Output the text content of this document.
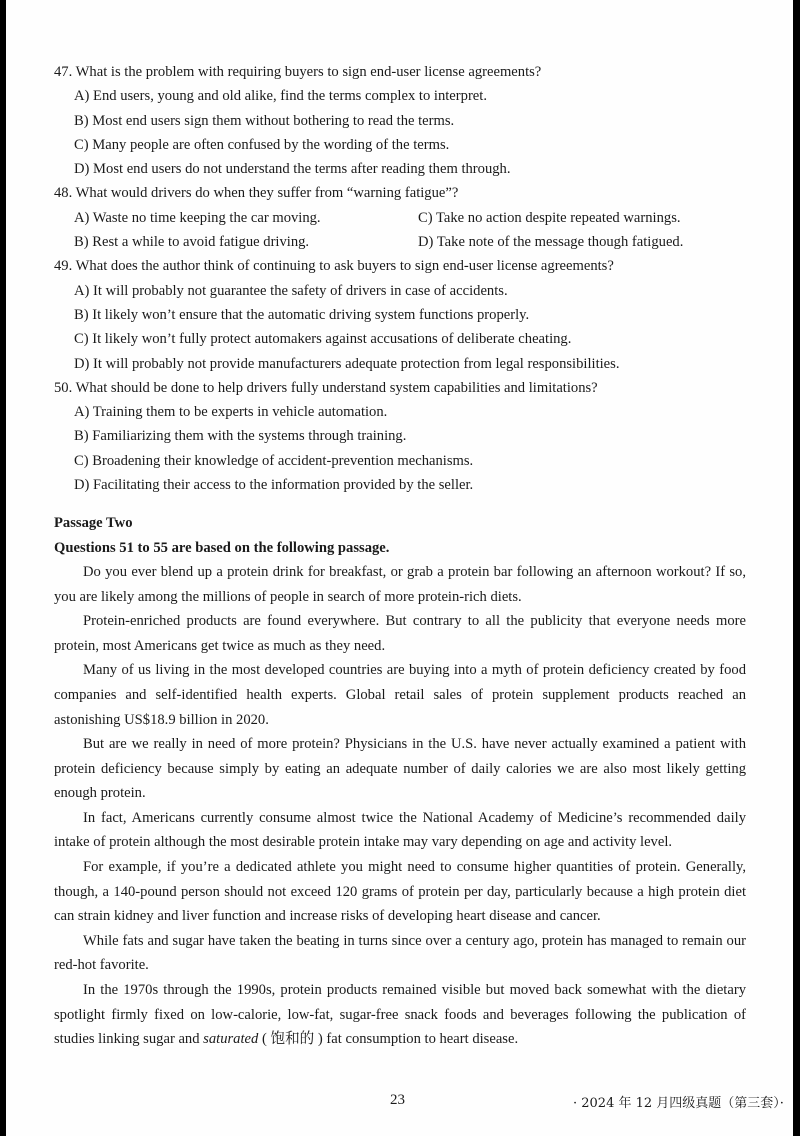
47. What is the problem with requiring buyers to sign end-user license agreements?

A) End users, young and old alike, find the terms complex to interpret.

B) Most end users sign them without bothering to read the terms.

C) Many people are often confused by the wording of the terms.

D) Most end users do not understand the terms after reading them through.

48. What would drivers do when they suffer from “warning fatigue”?

A) Waste no time keeping the car moving.	C) Take no action despite repeated warnings.
B) Rest a while to avoid fatigue driving.	D) Take note of the message though fatigued.

49. What does the author think of continuing to ask buyers to sign end-user license agreements?

A) It will probably not guarantee the safety of drivers in case of accidents.

B) It likely won’t ensure that the automatic driving system functions properly.

C) It likely won’t fully protect automakers against accusations of deliberate cheating.

D) It will probably not provide manufacturers adequate protection from legal responsibilities.

50. What should be done to help drivers fully understand system capabilities and limitations?

A) Training them to be experts in vehicle automation.

B) Familiarizing them with the systems through training.

C) Broadening their knowledge of accident-prevention mechanisms.

D) Facilitating their access to the information provided by the seller.

Passage Two
Questions 51 to 55 are based on the following passage.

Do you ever blend up a protein drink for breakfast, or grab a protein bar following an afternoon workout? If so, you are likely among the millions of people in search of more protein-rich diets.

Protein-enriched products are found everywhere. But contrary to all the publicity that everyone needs more protein, most Americans get twice as much as they need.

Many of us living in the most developed countries are buying into a myth of protein deficiency created by food companies and self-identified health experts. Global retail sales of protein supplement products reached an astonishing US$18.9 billion in 2020.

But are we really in need of more protein? Physicians in the U.S. have never actually examined a patient with protein deficiency because simply by eating an adequate number of daily calories we are also most likely getting enough protein.

In fact, Americans currently consume almost twice the National Academy of Medicine’s recommended daily intake of protein although the most desirable protein intake may vary depending on age and activity level.

For example, if you’re a dedicated athlete you might need to consume higher quantities of protein. Generally, though, a 140-pound person should not exceed 120 grams of protein per day, particularly because a high protein diet can strain kidney and liver function and increase risks of developing heart disease and cancer.

While fats and sugar have taken the beating in turns since over a century ago, protein has managed to remain our red-hot favorite.

In the 1970s through the 1990s, protein products remained visible but moved back somewhat with the dietary spotlight firmly fixed on low-calorie, low-fat, sugar-free snack foods and beverages following the publication of studies linking sugar and saturated ( 饱和的 ) fat consumption to heart disease.

23	· 2024 年 12 月四级真题（第三套）·
